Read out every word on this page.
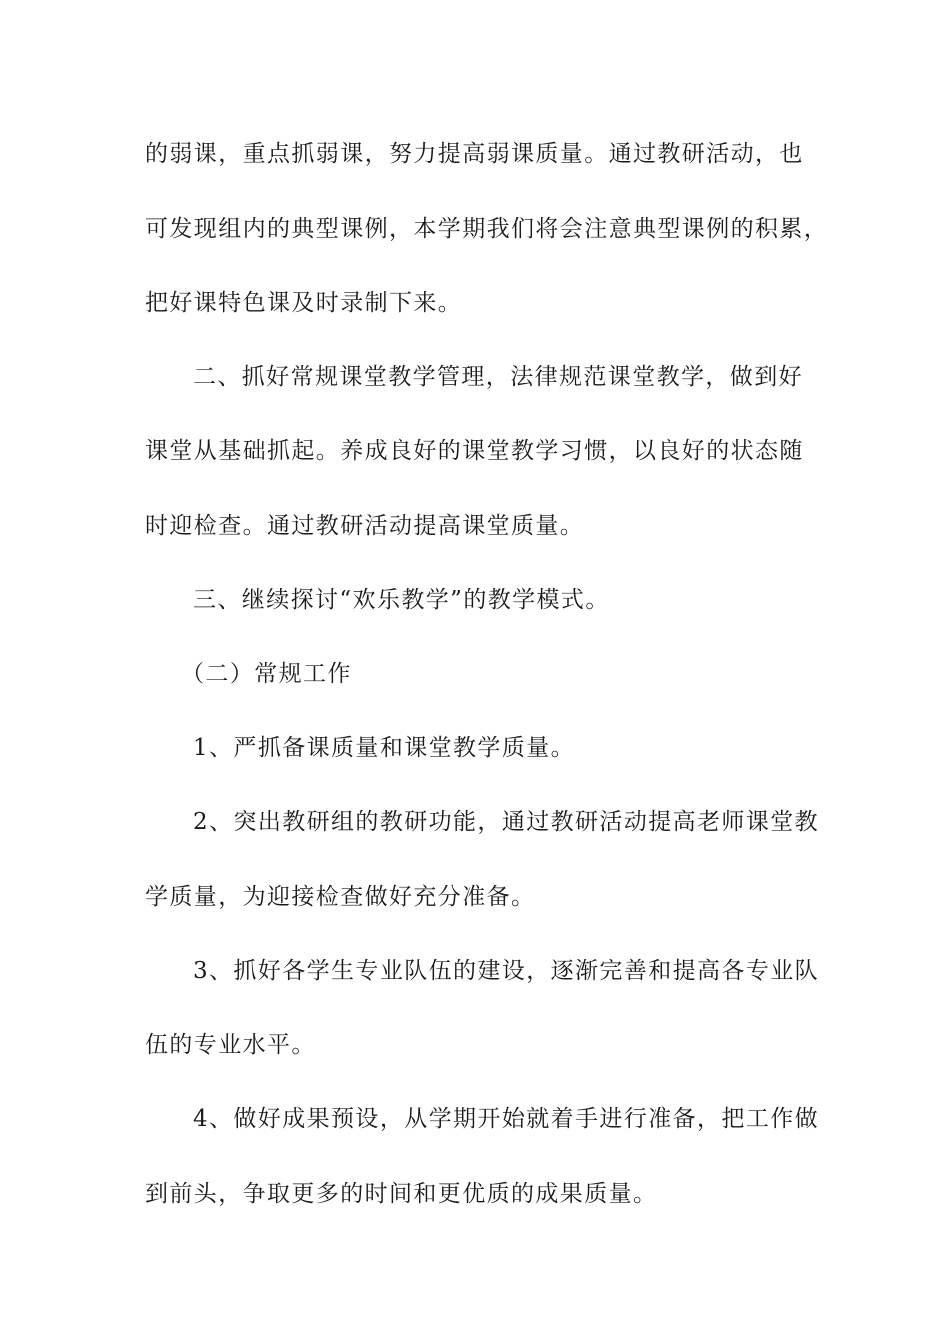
的弱课，重点抓弱课，努力提高弱课质量。通过教研活动，也
可发现组内的典型课例，本学期我们将会注意典型课例的积累，
把好课特色课及时录制下来。
二、抓好常规课堂教学管理，法律规范课堂教学，做到好
课堂从基础抓起。养成良好的课堂教学习惯，以良好的状态随
时迎检查。通过教研活动提高课堂质量。
三、继续探讨“欢乐教学”的教学模式。
（二）常规工作
1、严抓备课质量和课堂教学质量。
2、突出教研组的教研功能，通过教研活动提高老师课堂教
学质量，为迎接检查做好充分准备。
3、抓好各学生专业队伍的建设，逐渐完善和提高各专业队
伍的专业水平。
4、做好成果预设，从学期开始就着手进行准备，把工作做
到前头，争取更多的时间和更优质的成果质量。
